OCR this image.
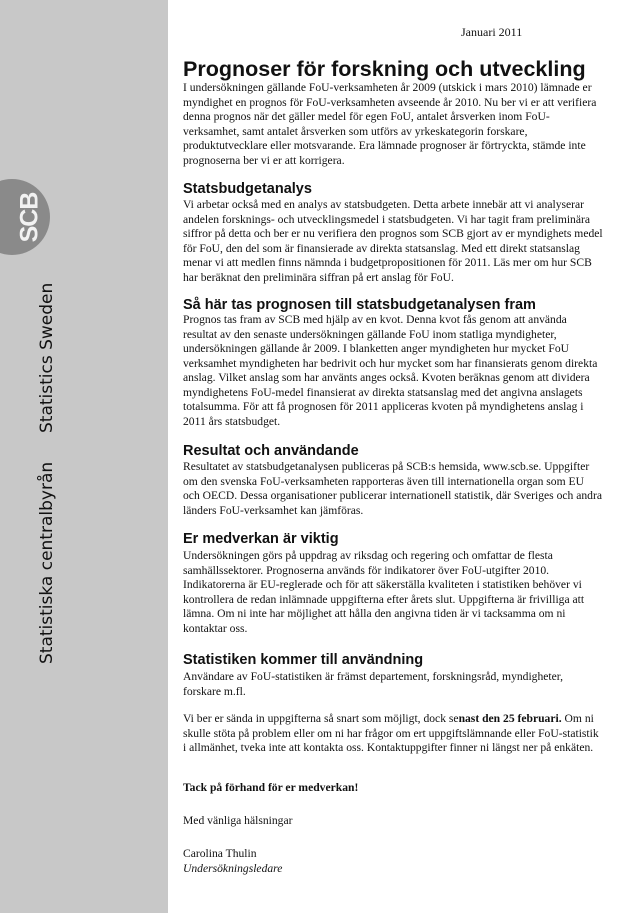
SCB
Statistics Sweden
Statistiska centralbyrån
Januari 2011
Prognoser för forskning och utveckling

I undersökningen gällande FoU-verksamheten år 2009 (utskick i mars 2010) lämnade er myndighet en prognos för FoU-verksamheten avseende år 2010. Nu ber vi er att verifiera denna prognos när det gäller medel för egen FoU, antalet årsverken inom FoU-verksamhet, samt antalet årsverken som utförs av yrkeskategorin forskare, produktutvecklare eller motsvarande. Era lämnade prognoser är förtryckta, stämde inte prognoserna ber vi er att korrigera.

Statsbudgetanalys

Vi arbetar också med en analys av statsbudgeten. Detta arbete innebär att vi analyserar andelen forsknings- och utvecklingsmedel i statsbudgeten. Vi har tagit fram preliminära siffror på detta och ber er nu verifiera den prognos som SCB gjort av er myndighets medel för FoU, den del som är finansierade av direkta statsanslag. Med ett direkt statsanslag menar vi att medlen finns nämnda i budgetpropositionen för 2011. Läs mer om hur SCB har beräknat den preliminära siffran på ert anslag för FoU.

Så här tas prognosen till statsbudgetanalysen fram

Prognos tas fram av SCB med hjälp av en kvot. Denna kvot fås genom att använda resultat av den senaste undersökningen gällande FoU inom statliga myndigheter, undersökningen gällande år 2009. I blanketten anger myndigheten hur mycket FoU verksamhet myndigheten har bedrivit och hur mycket som har finansierats genom direkta anslag. Vilket anslag som har använts anges också. Kvoten beräknas genom att dividera myndighetens FoU-medel finansierat av direkta statsanslag med det angivna anslagets totalsumma. För att få prognosen för 2011 appliceras kvoten på myndighetens anslag i 2011 års statsbudget.

Resultat och användande

Resultatet av statsbudgetanalysen publiceras på SCB:s hemsida, www.scb.se. Uppgifter om den svenska FoU-verksamheten rapporteras även till internationella organ som EU och OECD. Dessa organisationer publicerar internationell statistik, där Sveriges och andra länders FoU-verksamhet kan jämföras.

Er medverkan är viktig

Undersökningen görs på uppdrag av riksdag och regering och omfattar de flesta samhällssektorer. Prognoserna används för indikatorer över FoU-utgifter 2010. Indikatorerna är EU-reglerade och för att säkerställa kvaliteten i statistiken behöver vi kontrollera de redan inlämnade uppgifterna efter årets slut. Uppgifterna är frivilliga att lämna. Om ni inte har möjlighet att hålla den angivna tiden är vi tacksamma om ni kontaktar oss.

Statistiken kommer till användning

Användare av FoU-statistiken är främst departement, forskningsråd, myndigheter, forskare m.fl.

Vi ber er sända in uppgifterna så snart som möjligt, dock senast den 25 februari. Om ni skulle stöta på problem eller om ni har frågor om ert uppgiftslämnande eller FoU-statistik i allmänhet, tveka inte att kontakta oss. Kontaktuppgifter finner ni längst ner på enkäten.

Tack på förhand för er medverkan!

Med vänliga hälsningar

Carolina Thulin

Undersökningsledare
